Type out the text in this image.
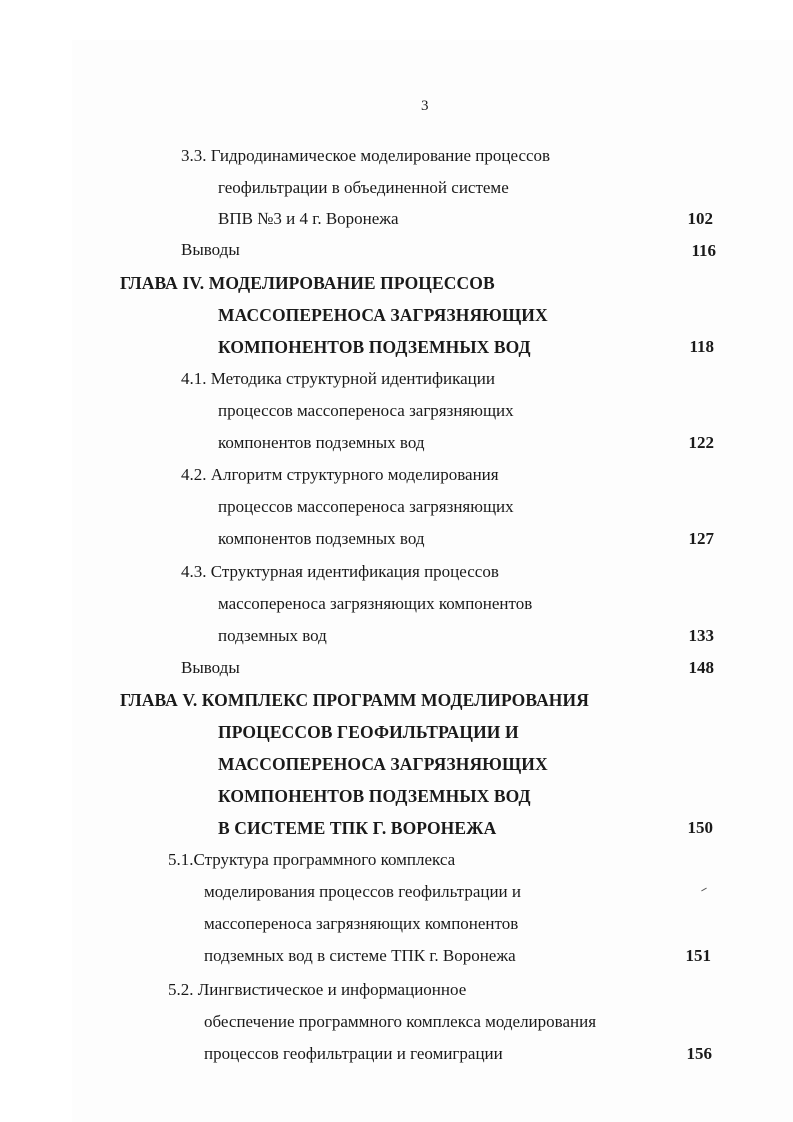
3
3.3. Гидродинамическое моделирование процессов
геофильтрации в объединенной системе
ВПВ №3 и 4 г. Воронежа	102
Выводы	116
ГЛАВА IV. МОДЕЛИРОВАНИЕ ПРОЦЕССОВ
МАССОПЕРЕНОСА ЗАГРЯЗНЯЮЩИХ
КОМПОНЕНТОВ ПОДЗЕМНЫХ ВОД	118
4.1. Методика структурной идентификации
процессов массопереноса загрязняющих
компонентов подземных вод	122
4.2. Алгоритм структурного моделирования
процессов массопереноса загрязняющих
компонентов подземных вод	127
4.3. Структурная идентификация процессов
массопереноса загрязняющих компонентов
подземных вод	133
Выводы	148
ГЛАВА V. КОМПЛЕКС ПРОГРАММ МОДЕЛИРОВАНИЯ
ПРОЦЕССОВ ГЕОФИЛЬТРАЦИИ И
МАССОПЕРЕНОСА ЗАГРЯЗНЯЮЩИХ
КОМПОНЕНТОВ ПОДЗЕМНЫХ ВОД
В СИСТЕМЕ ТПК Г. ВОРОНЕЖА	150
5.1.Структура программного комплекса
моделирования процессов геофильтрации и
массопереноса загрязняющих компонентов
подземных вод в системе ТПК г. Воронежа	151
5.2. Лингвистическое и информационное
обеспечение программного комплекса моделирования
процессов геофильтрации и геомиграции	156
